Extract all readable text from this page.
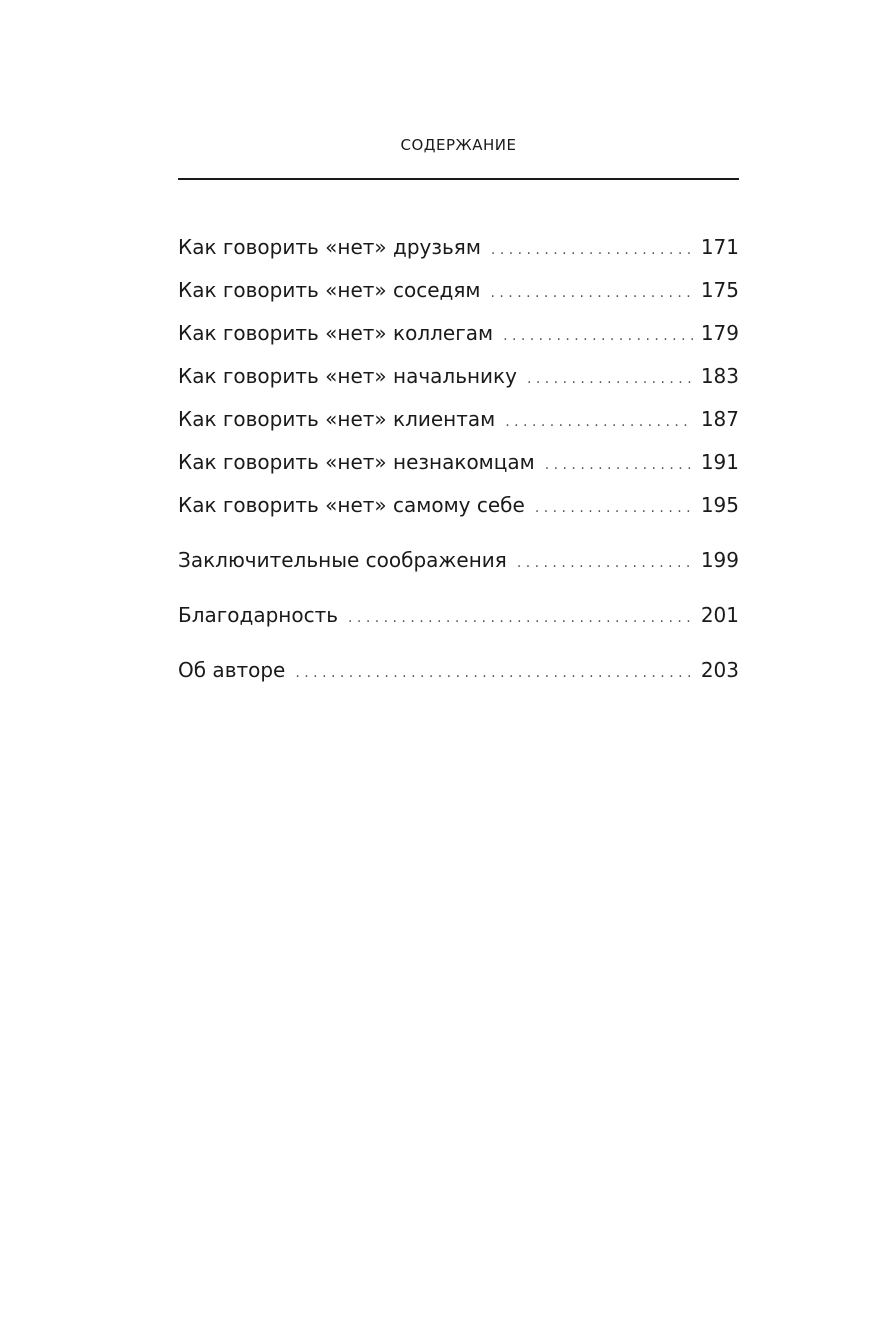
СОДЕРЖАНИЕ
Как говорить «нет» друзьям . . .	171
Как говорить «нет» соседям . . .	175
Как говорить «нет» коллегам . . .	179
Как говорить «нет» начальнику . . .	183
Как говорить «нет» клиентам . . .	187
Как говорить «нет» незнакомцам . . .	191
Как говорить «нет» самому себе . . .	195
Заключительные соображения . . .	199
Благодарность . . .	201
Об авторе . . .	203
